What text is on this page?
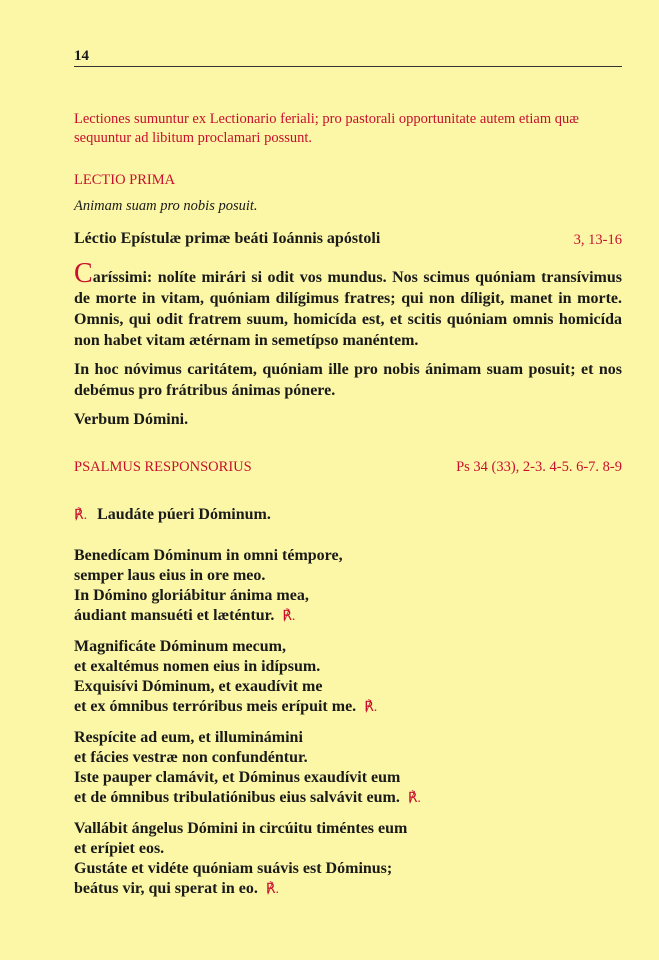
14
Lectiones sumuntur ex Lectionario feriali; pro pastorali opportunitate autem etiam quæ sequuntur ad libitum proclamari possunt.
LECTIO PRIMA
Animam suam pro nobis posuit.
Léctio Epístulæ primæ beáti Ioánnis apóstoli	3, 13-16

Caríssimi: nolíte mirári si odit vos mundus. Nos scimus quóniam transívimus de morte in vitam, quóniam dilígimus fratres; qui non díligit, manet in morte. Omnis, qui odit fratrem suum, homicída est, et scitis quóniam omnis homicída non habet vitam ætérnam in semetípso manéntem.

In hoc nóvimus caritátem, quóniam ille pro nobis ánimam suam posuit; et nos debémus pro frátribus ánimas pónere.

Verbum Dómini.

PSALMUS RESPONSORIUS	Ps 34 (33), 2-3. 4-5. 6-7. 8-9
℟. Laudáte púeri Dóminum.
Benedícam Dóminum in omni témpore,
semper laus eius in ore meo.
In Dómino gloriábitur ánima mea,
áudiant mansuéti et læténtur. ℟.
Magnificáte Dóminum mecum,
et exaltémus nomen eius in idípsum.
Exquisívi Dóminum, et exaudívit me
et ex ómnibus terróribus meis erípuit me. ℟.
Respícite ad eum, et illuminámini
et fácies vestræ non confundéntur.
Iste pauper clamávit, et Dóminus exaudívit eum
et de ómnibus tribulatiónibus eius salvávit eum. ℟.
Vallábit ángelus Dómini in circúitu timéntes eum
et erípiet eos.
Gustáte et vidéte quóniam suávis est Dóminus;
beátus vir, qui sperat in eo. ℟.
